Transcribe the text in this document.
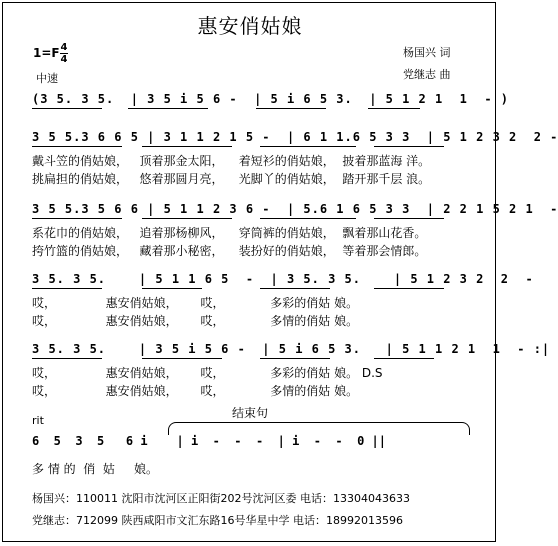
惠安俏姑娘
1=F 4
4
中速
杨国兴 词
党继志 曲
(3 5. 3 5.  | 3 5 i 5 6 -  | 5 i 6 5 3.  | 5 1 2 1  1  - )
3 5 5.3 6 6 5 | 3 1 1 2 1 5 -  | 6 1 1.6 5 3 3  | 5 1 2 3 2  2 -
戴斗笠的俏姑娘，   顶着那金太阳，    着短衫的俏姑娘，  披着那蓝海 洋。
挑扁担的俏姑娘，   悠着那圆月亮，    光脚丫的俏姑娘，  踏开那千层 浪。
3 5 5.3 5 6 6 | 5 1 1 2 3 6 -  | 5.6 1 6 5 3 3  | 2 2 1 5 2 1  -
系花巾的俏姑娘，   追着那杨柳风，    穿筒裤的俏姑娘，  飘着那山花香。
挎竹篮的俏姑娘，   藏着那小秘密，    装扮好的俏姑娘，  等着那会情郎。
3 5. 3 5.    | 5 1 1 6 5  -  | 3 5. 3 5.    | 5 1 2 3 2  2  -
哎，             惠安俏姑娘，      哎，            多彩的俏姑 娘。
哎，             惠安俏姑娘，      哎，            多情的俏姑 娘。
3 5. 3 5.    | 3 5 i 5 6 -  | 5 i 6 5 3.   | 5 1 1 2 1  1  - :|
哎，             惠安俏姑娘，      哎，            多彩的俏姑 娘。 D.S
哎，             惠安俏姑娘，      哎，            多情的俏姑 娘。
rit
结束句
6  5  3  5   6 i    | i  -  -  -  | i  -  -  0 ||
多 情 的  俏  姑     娘。
杨国兴：110011 沈阳市沈河区正阳街202号沈河区委 电话：13304043633
党继志：712099 陕西咸阳市文汇东路16号华星中学 电话：18992013596
